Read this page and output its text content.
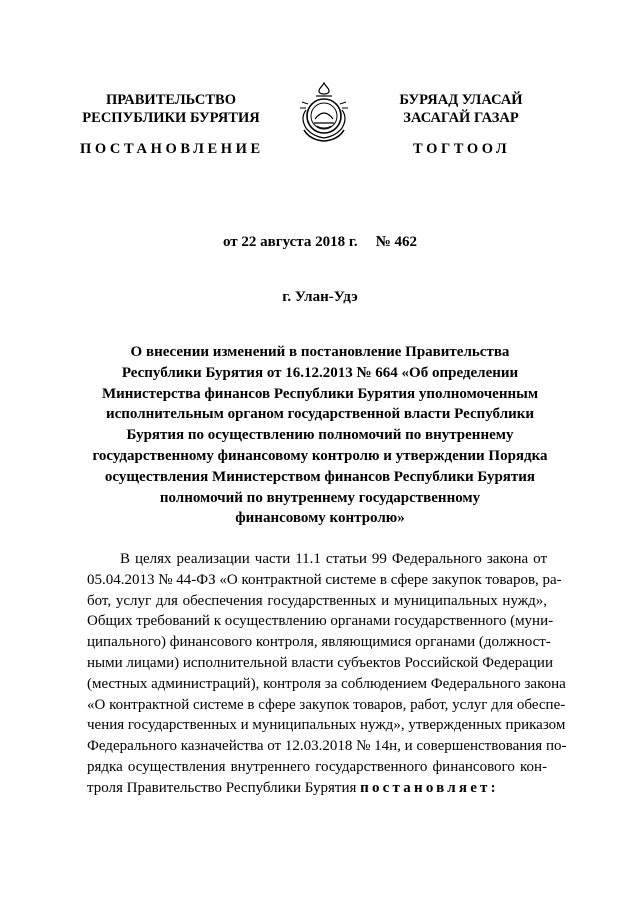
ПРАВИТЕЛЬСТВО
РЕСПУБЛИКИ БУРЯТИЯ
БУРЯАД УЛАСАЙ
ЗАСАГАЙ ГАЗАР
ПОСТАНОВЛЕНИЕ	ТОГТООЛ
от 22 августа 2018 г. № 462
г. Улан-Удэ
О внесении изменений в постановление Правительства
Республики Бурятия от 16.12.2013 № 664 «Об определении
Министерства финансов Республики Бурятия уполномоченным
исполнительным органом государственной власти Республики
Бурятия по осуществлению полномочий по внутреннему
государственному финансовому контролю и утверждении Порядка
осуществления Министерством финансов Республики Бурятия
полномочий по внутреннему государственному
финансовому контролю»
В целях реализации части 11.1 статьи 99 Федерального закона от
05.04.2013 № 44-ФЗ «О контрактной системе в сфере закупок товаров, ра-
бот, услуг для обеспечения государственных и муниципальных нужд»,
Общих требований к осуществлению органами государственного (муни-
ципального) финансового контроля, являющимися органами (должност-
ными лицами) исполнительной власти субъектов Российской Федерации
(местных администраций), контроля за соблюдением Федерального закона
«О контрактной системе в сфере закупок товаров, работ, услуг для обеспе-
чения государственных и муниципальных нужд», утвержденных приказом
Федерального казначейства от 12.03.2018 № 14н, и совершенствования по-
рядка осуществления внутреннего государственного финансового кон-
троля Правительство Республики Бурятия постановляет:
